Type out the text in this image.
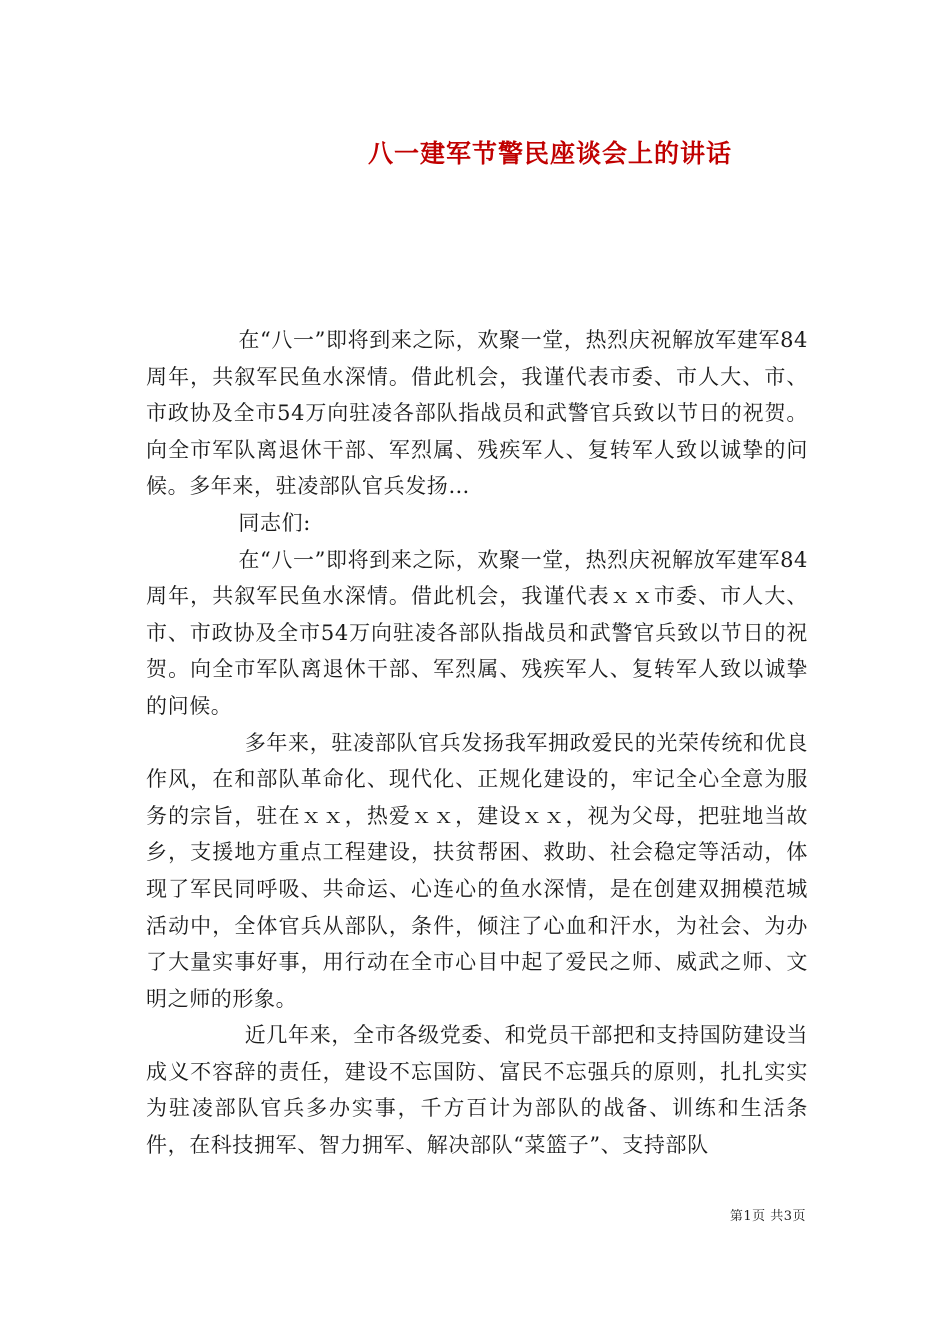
八一建军节警民座谈会上的讲话

在“八一”即将到来之际，欢聚一堂，热烈庆祝解放军建军84周年，共叙军民鱼水深情。借此机会，我谨代表市委、市人大、市、市政协及全市54万向驻凌各部队指战员和武警官兵致以节日的祝贺。向全市军队离退休干部、军烈属、残疾军人、复转军人致以诚挚的问候。多年来，驻凌部队官兵发扬…

同志们:

在“八一”即将到来之际，欢聚一堂，热烈庆祝解放军建军84周年，共叙军民鱼水深情。借此机会，我谨代表ｘｘ市委、市人大、市、市政协及全市54万向驻凌各部队指战员和武警官兵致以节日的祝贺。向全市军队离退休干部、军烈属、残疾军人、复转军人致以诚挚的问候。

多年来，驻凌部队官兵发扬我军拥政爱民的光荣传统和优良作风，在和部队革命化、现代化、正规化建设的，牢记全心全意为服务的宗旨，驻在ｘｘ，热爱ｘｘ，建设ｘｘ，视为父母，把驻地当故乡，支援地方重点工程建设，扶贫帮困、救助、社会稳定等活动，体现了军民同呼吸、共命运、心连心的鱼水深情，是在创建双拥模范城活动中，全体官兵从部队，条件，倾注了心血和汗水，为社会、为办了大量实事好事，用行动在全市心目中起了爱民之师、威武之师、文明之师的形象。

近几年来，全市各级党委、和党员干部把和支持国防建设当成义不容辞的责任，建设不忘国防、富民不忘强兵的原则，扎扎实实为驻凌部队官兵多办实事，千方百计为部队的战备、训练和生活条件，在科技拥军、智力拥军、解决部队“菜篮子”、支持部队

第1页 共3页
